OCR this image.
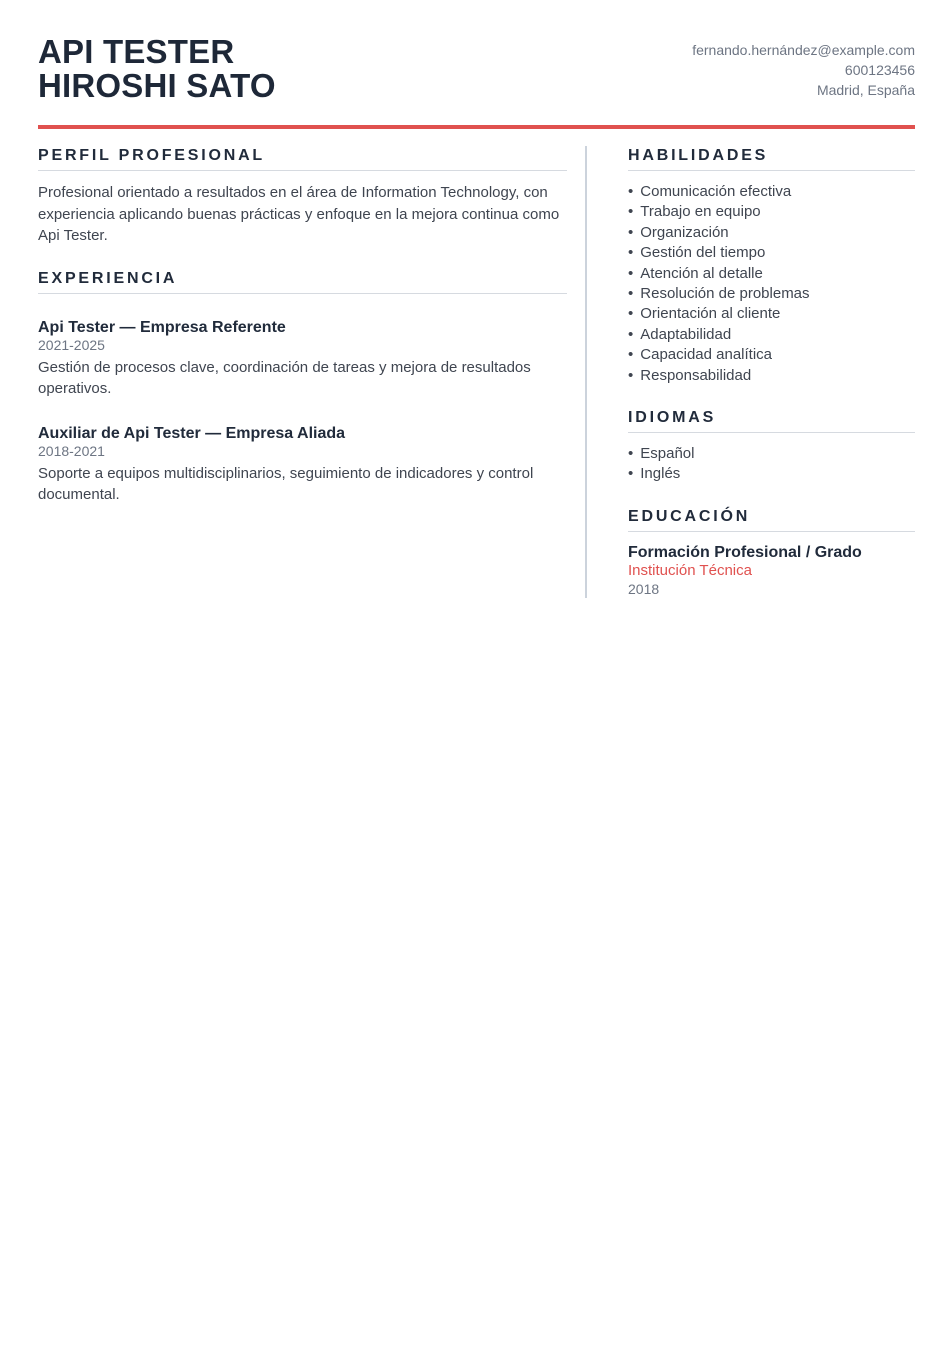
API TESTER
HIROSHI SATO
fernando.hernández@example.com
600123456
Madrid, España
PERFIL PROFESIONAL

Profesional orientado a resultados en el área de Information Technology, con experiencia aplicando buenas prácticas y enfoque en la mejora continua como Api Tester.

EXPERIENCIA
Api Tester — Empresa Referente
2021-2025

Gestión de procesos clave, coordinación de tareas y mejora de resultados operativos.

Auxiliar de Api Tester — Empresa Aliada
2018-2021

Soporte a equipos multidisciplinarios, seguimiento de indicadores y control documental.

HABILIDADES
• Comunicación efectiva
• Trabajo en equipo
• Organización
• Gestión del tiempo
• Atención al detalle
• Resolución de problemas
• Orientación al cliente
• Adaptabilidad
• Capacidad analítica
• Responsabilidad
IDIOMAS
• Español
• Inglés
EDUCACIÓN
Formación Profesional / Grado
Institución Técnica
2018
